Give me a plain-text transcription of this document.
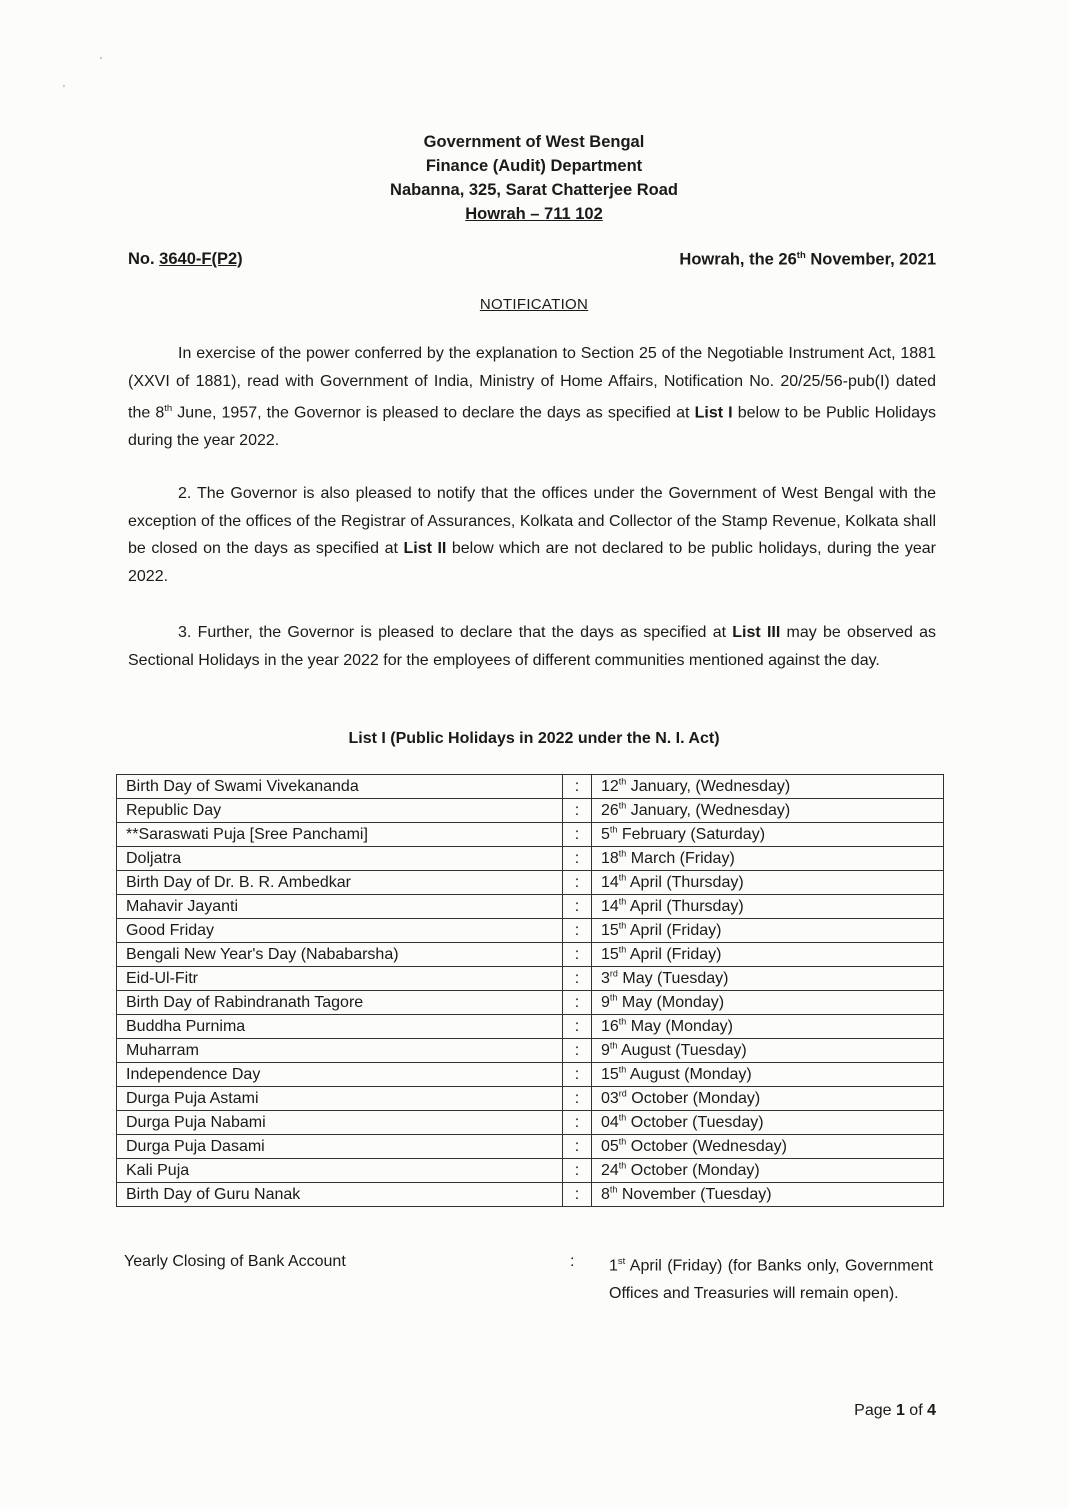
'
'
Government of West Bengal
Finance (Audit) Department
Nabanna, 325, Sarat Chatterjee Road
Howrah – 711 102
No. 3640-F(P2)	Howrah, the 26th November, 2021
NOTIFICATION
In exercise of the power conferred by the explanation to Section 25 of the Negotiable Instrument Act, 1881 (XXVI of 1881), read with Government of India, Ministry of Home Affairs, Notification No. 20/25/56-pub(I) dated the 8th June, 1957, the Governor is pleased to declare the days as specified at List I below to be Public Holidays during the year 2022.
2. The Governor is also pleased to notify that the offices under the Government of West Bengal with the exception of the offices of the Registrar of Assurances, Kolkata and Collector of the Stamp Revenue, Kolkata shall be closed on the days as specified at List II below which are not declared to be public holidays, during the year 2022.
3. Further, the Governor is pleased to declare that the days as specified at List III may be observed as Sectional Holidays in the year 2022 for the employees of different communities mentioned against the day.
List I (Public Holidays in 2022 under the N. I. Act)
Birth Day of Swami Vivekananda	:	12th January, (Wednesday)
Republic Day	:	26th January, (Wednesday)
**Saraswati Puja [Sree Panchami]	:	5th February (Saturday)
Doljatra	:	18th March (Friday)
Birth Day of Dr. B. R. Ambedkar	:	14th April (Thursday)
Mahavir Jayanti	:	14th April (Thursday)
Good Friday	:	15th April (Friday)
Bengali New Year's Day (Nababarsha)	:	15th April (Friday)
Eid-Ul-Fitr	:	3rd May (Tuesday)
Birth Day of Rabindranath Tagore	:	9th May (Monday)
Buddha Purnima	:	16th May (Monday)
Muharram	:	9th August (Tuesday)
Independence Day	:	15th August (Monday)
Durga Puja Astami	:	03rd October (Monday)
Durga Puja Nabami	:	04th October (Tuesday)
Durga Puja Dasami	:	05th October (Wednesday)
Kali Puja	:	24th October (Monday)
Birth Day of Guru Nanak	:	8th November (Tuesday)
Yearly Closing of Bank Account	: 1st April (Friday) (for Banks only, Government Offices and Treasuries will remain open).
Page 1 of 4
